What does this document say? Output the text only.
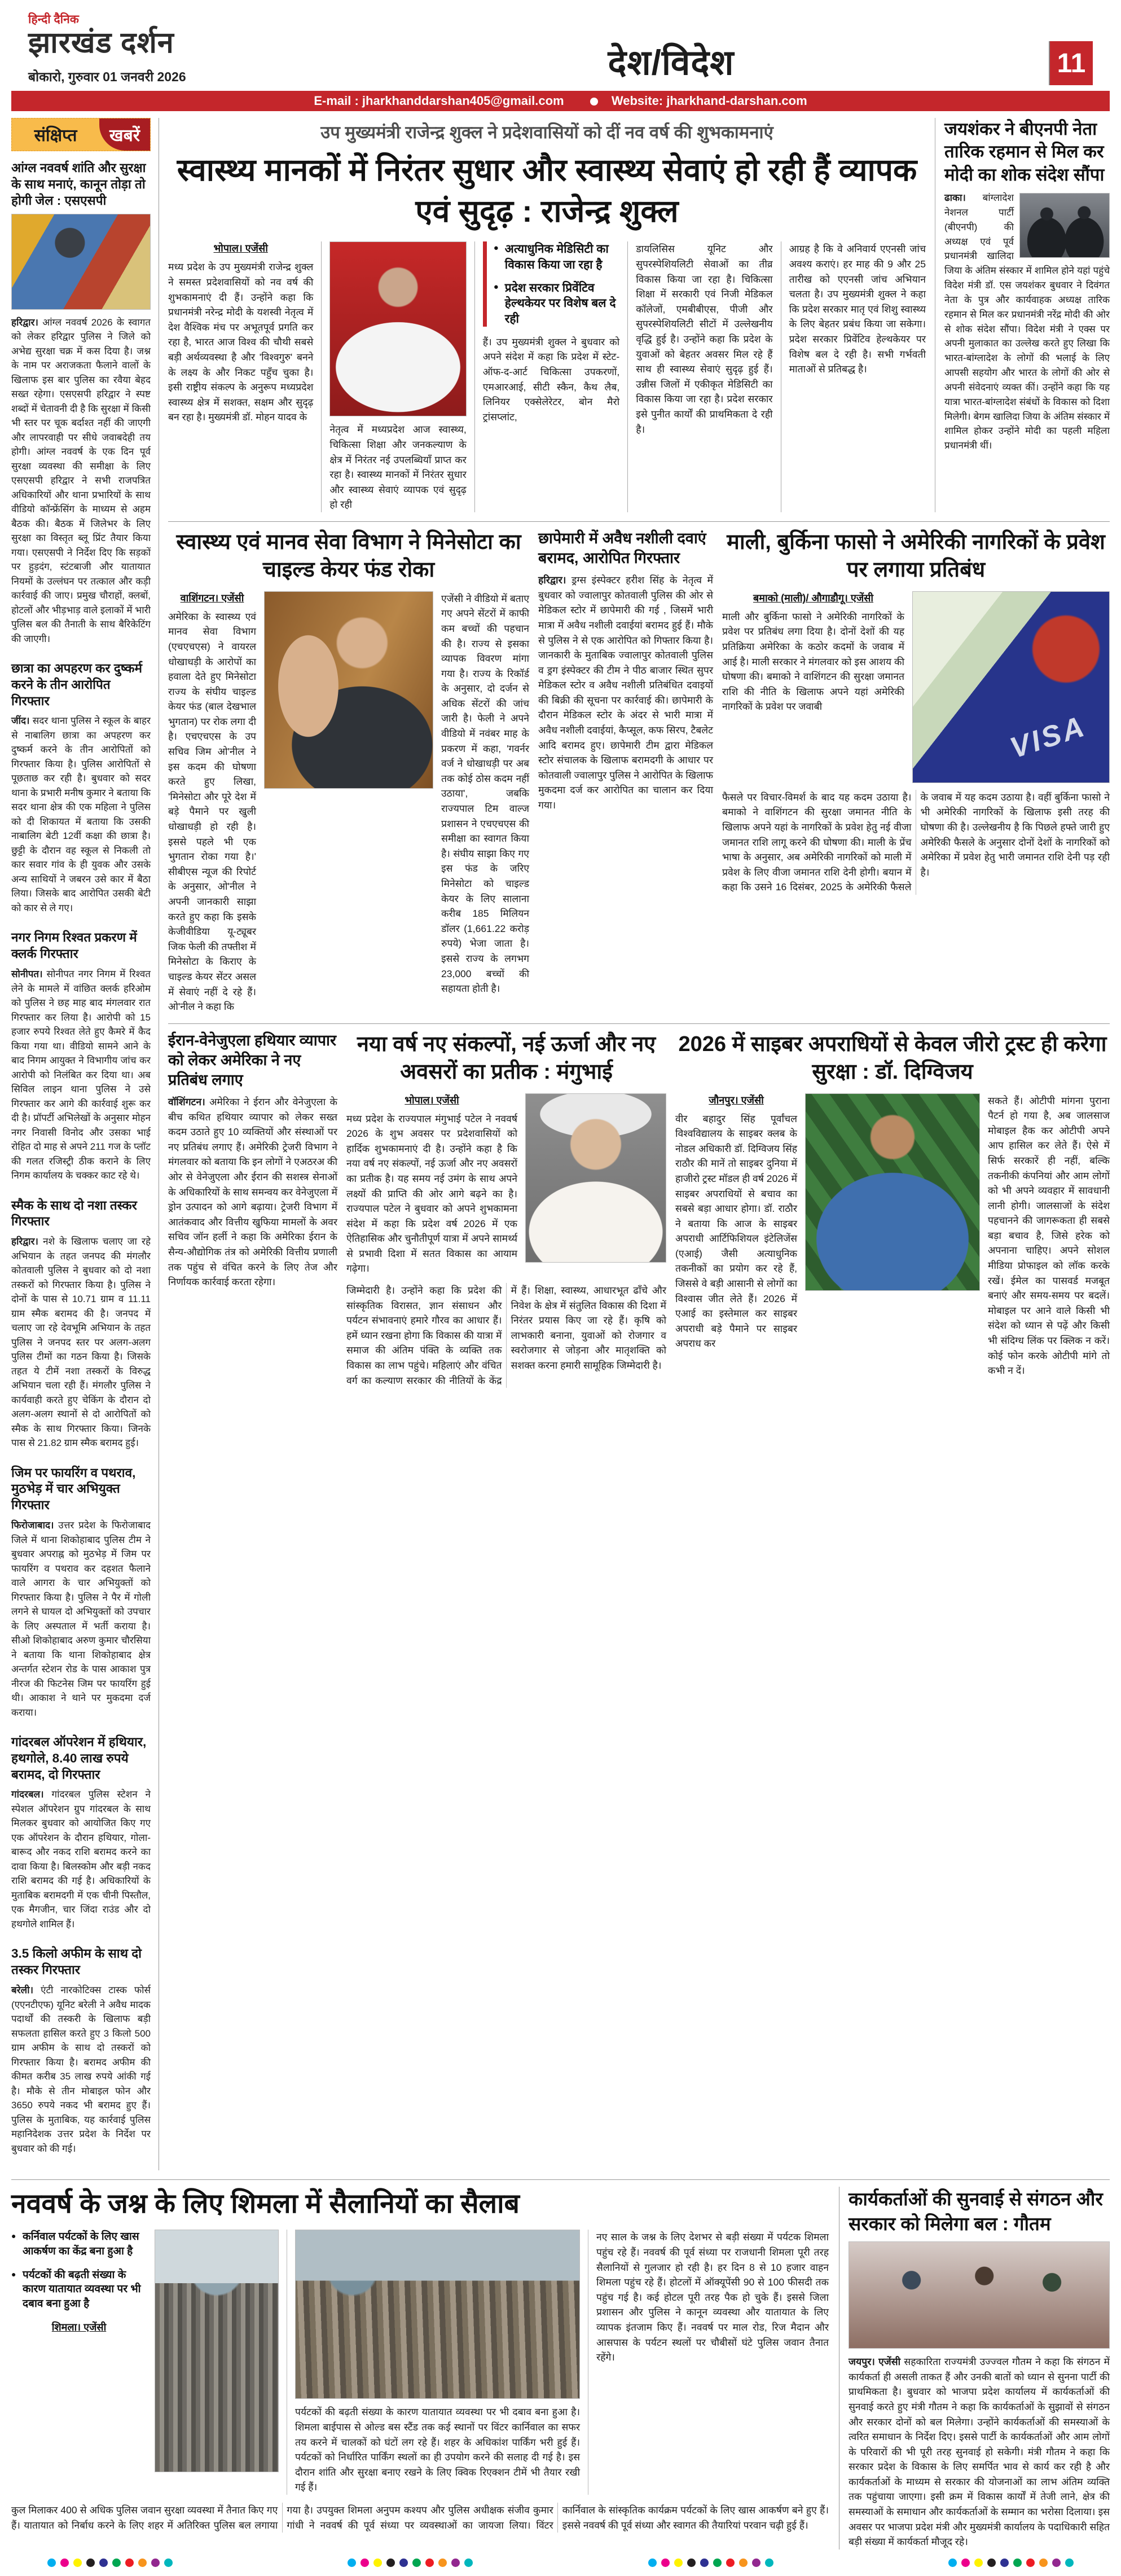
हिन्दी दैनिक
झारखंड दर्शन
बोकारो, गुरुवार 01 जनवरी 2026	देश/विदेश	11
E-mail : jharkhanddarshan405@gmail.com	Website: jharkhand-darshan.com
संक्षिप्त	खबरें
आंग्ल नववर्ष शांति और सुरक्षा के साथ मनाएं, कानून तोड़ा तो होगी जेल : एसएसपी

हरिद्वार। आंग्ल नववर्ष 2026 के स्वागत को लेकर हरिद्वार पुलिस ने जिले को अभेद्य सुरक्षा चक्र में कस दिया है। जश्न के नाम पर अराजकता फैलाने वालों के खिलाफ इस बार पुलिस का रवैया बेहद सख्त रहेगा। एसएसपी हरिद्वार ने स्पष्ट शब्दों में चेतावनी दी है कि सुरक्षा में किसी भी स्तर पर चूक बर्दाश्त नहीं की जाएगी और लापरवाही पर सीधे जवाबदेही तय होगी। आंग्ल नववर्ष के एक दिन पूर्व सुरक्षा व्यवस्था की समीक्षा के लिए एसएसपी हरिद्वार ने सभी राजपत्रित अधिकारियों और थाना प्रभारियों के साथ वीडियो कॉन्फ्रेंसिंग के माध्यम से अहम बैठक की। बैठक में जिलेभर के लिए सुरक्षा का विस्तृत ब्लू प्रिंट तैयार किया गया। एसएसपी ने निर्देश दिए कि सड़कों पर हुड़दंग, स्टंटबाजी और यातायात नियमों के उल्लंघन पर तत्काल और कड़ी कार्रवाई की जाए। प्रमुख चौराहों, क्लबों, होटलों और भीड़भाड़ वाले इलाकों में भारी पुलिस बल की तैनाती के साथ बैरिकेटिंग की जाएगी।

छात्रा का अपहरण कर दुष्कर्म करने के तीन आरोपित गिरफ्तार

जींद। सदर थाना पुलिस ने स्कूल के बाहर से नाबालिग छात्रा का अपहरण कर दुष्कर्म करने के तीन आरोपितों को गिरफ्तार किया है। पुलिस आरोपितों से पूछताछ कर रही है। बुधवार को सदर थाना के प्रभारी मनीष कुमार ने बताया कि सदर थाना क्षेत्र की एक महिला ने पुलिस को दी शिकायत में बताया कि उसकी नाबालिग बेटी 12वीं कक्षा की छात्रा है। छुट्टी के दौरान वह स्कूल से निकली तो कार सवार गांव के ही युवक और उसके अन्य साथियों ने जबरन उसे कार में बैठा लिया। जिसके बाद आरोपित उसकी बेटी को कार से ले गए।

नगर निगम रिश्वत प्रकरण में क्लर्क गिरफ्तार

सोनीपत। सोनीपत नगर निगम में रिश्वत लेने के मामले में वांछित क्लर्क हरिओम को पुलिस ने छह माह बाद मंगलवार रात गिरफ्तार कर लिया है। आरोपी को 15 हजार रुपये रिश्वत लेते हुए कैमरे में कैद किया गया था। वीडियो सामने आने के बाद निगम आयुक्त ने विभागीय जांच कर आरोपी को निलंबित कर दिया था। अब सिविल लाइन थाना पुलिस ने उसे गिरफ्तार कर आगे की कार्रवाई शुरू कर दी है। प्रॉपर्टी अभिलेखों के अनुसार मोहन नगर निवासी विनोद और उसका भाई रोहित दो माह से अपने 211 गज के प्लॉट की गलत रजिस्ट्री ठीक कराने के लिए निगम कार्यालय के चक्कर काट रहे थे।

स्मैक के साथ दो नशा तस्कर गिरफ्तार

हरिद्वार। नशे के खिलाफ चलाए जा रहे अभियान के तहत जनपद की मंगलौर कोतवाली पुलिस ने बुधवार को दो नशा तस्करों को गिरफ्तार किया है। पुलिस ने दोनों के पास से 10.71 ग्राम व 11.11 ग्राम स्मैक बरामद की है। जनपद में चलाए जा रहे देवभूमि अभियान के तहत पुलिस ने जनपद स्तर पर अलग-अलग पुलिस टीमों का गठन किया है। जिसके तहत ये टीमें नशा तस्करों के विरुद्ध अभियान चला रही हैं। मंगलौर पुलिस ने कार्यवाही करते हुए चेकिंग के दौरान दो अलग-अलग स्थानों से दो आरोपितों को स्मैक के साथ गिरफ्तार किया। जिनके पास से 21.82 ग्राम स्मैक बरामद हुई।

जिम पर फायरिंग व पथराव, मुठभेड़ में चार अभियुक्त गिरफ्तार

फिरोजाबाद। उत्तर प्रदेश के फिरोजाबाद जिले में थाना शिकोहाबाद पुलिस टीम ने बुधवार अपराह्न को मुठभेड़ में जिम पर फायरिंग व पथराव कर दहशत फैलाने वाले आगरा के चार अभियुक्तों को गिरफ्तार किया है। पुलिस ने पैर में गोली लगने से घायल दो अभियुक्तों को उपचार के लिए अस्पताल में भर्ती कराया है। सीओ शिकोहाबाद अरुण कुमार चौरसिया ने बताया कि थाना शिकोहाबाद क्षेत्र अन्तर्गत स्टेशन रोड के पास आकाश पुत्र नीरज की फिटनेस जिम पर फायरिंग हुई थी। आकाश ने थाने पर मुकदमा दर्ज कराया।

गांदरबल ऑपरेशन में हथियार, हथगोले, 8.40 लाख रुपये बरामद, दो गिरफ्तार

गांदरबल। गांदरबल पुलिस स्टेशन ने स्पेशल ऑपरेशन ग्रुप गांदरबल के साथ मिलकर बुधवार को आयोजित किए गए एक ऑपरेशन के दौरान हथियार, गोला-बारूद और नकद राशि बरामद करने का दावा किया है। बिलस्कोम और बड़ी नकद राशि बरामद की गई है। अधिकारियों के मुताबिक बरामदगी में एक चीनी पिस्तौल, एक मैगजीन, चार जिंदा राउंड और दो हथगोले शामिल हैं।

3.5 किलो अफीम के साथ दो तस्कर गिरफ्तार

बरेली। एंटी नारकोटिक्स टास्क फोर्स (एएनटीएफ) यूनिट बरेली ने अवैध मादक पदार्थों की तस्करी के खिलाफ बड़ी सफलता हासिल करते हुए 3 किलो 500 ग्राम अफीम के साथ दो तस्करों को गिरफ्तार किया है। बरामद अफीम की कीमत करीब 35 लाख रुपये आंकी गई है। मौके से तीन मोबाइल फोन और 3650 रुपये नकद भी बरामद हुए हैं। पुलिस के मुताबिक, यह कार्रवाई पुलिस महानिदेशक उत्तर प्रदेश के निर्देश पर बुधवार को की गई।

उप मुख्यमंत्री राजेन्द्र शुक्ल ने प्रदेशवासियों को दीं नव वर्ष की शुभकामनाएं
स्वास्थ्य मानकों में निरंतर सुधार और स्वास्थ्य सेवाएं हो रही हैं व्यापक एवं सुदृढ़ : राजेन्द्र शुक्ल
भोपाल। एजेंसी

मध्य प्रदेश के उप मुख्यमंत्री राजेन्द्र शुक्ल ने समस्त प्रदेशवासियों को नव वर्ष की शुभकामनाएं दी हैं। उन्होंने कहा कि प्रधानमंत्री नरेन्द्र मोदी के यशस्वी नेतृत्व में देश वैश्विक मंच पर अभूतपूर्व प्रगति कर रहा है, भारत आज विश्व की चौथी सबसे बड़ी अर्थव्यवस्था है और 'विश्वगुरु' बनने के लक्ष्य के और निकट पहुँच चुका है। इसी राष्ट्रीय संकल्प के अनुरूप मध्यप्रदेश स्वास्थ्य क्षेत्र में सशक्त, सक्षम और सुदृढ़ बन रहा है। मुख्यमंत्री डॉ. मोहन यादव के

नेतृत्व में मध्यप्रदेश आज स्वास्थ्य, चिकित्सा शिक्षा और जनकल्याण के क्षेत्र में निरंतर नई उपलब्धियाँ प्राप्त कर रहा है। स्वास्थ्य मानकों में निरंतर सुधार और स्वास्थ्य सेवाएं व्यापक एवं सुदृढ़ हो रही

● अत्याधुनिक मेडिसिटी का विकास किया जा रहा है
● प्रदेश सरकार प्रिवेंटिव हेल्थकेयर पर विशेष बल दे रही

हैं। उप मुख्यमंत्री शुक्ल ने बुधवार को अपने संदेश में कहा कि प्रदेश में स्टेट-ऑफ-द-आर्ट चिकित्सा उपकरणों, एमआरआई, सीटी स्कैन, कैथ लैब, लिनियर एक्सेलेरेटर, बोन मैरो ट्रांसप्लांट,

डायलिसिस यूनिट और सुपरस्पेशियलिटी सेवाओं का तीव्र विकास किया जा रहा है। चिकित्सा शिक्षा में सरकारी एवं निजी मेडिकल कॉलेजों, एमबीबीएस, पीजी और सुपरस्पेशियलिटी सीटों में उल्लेखनीय वृद्धि हुई है। उन्होंने कहा कि प्रदेश के युवाओं को बेहतर अवसर मिल रहे हैं साथ ही स्वास्थ्य सेवाएं सुदृढ़ हुई हैं। उन्नीस जिलों में एकीकृत मेडिसिटी का विकास किया जा रहा है। प्रदेश सरकार इसे पुनीत कार्यों की प्राथमिकता दे रही है।

आग्रह है कि वे अनिवार्य एएनसी जांच अवश्य कराएं। हर माह की 9 और 25 तारीख को एएनसी जांच अभियान चलता है। उप मुख्यमंत्री शुक्ल ने कहा कि प्रदेश सरकार मातृ एवं शिशु स्वास्थ्य के लिए बेहतर प्रबंध किया जा सकेगा। प्रदेश सरकार प्रिवेंटिव हेल्थकेयर पर विशेष बल दे रही है। सभी गर्भवती माताओं से प्रतिबद्ध है।

जयशंकर ने बीएनपी नेता तारिक रहमान से मिल कर मोदी का शोक संदेश सौंपा

ढाका। बांग्लादेश नेशनल पार्टी (बीएनपी) की अध्यक्ष एवं पूर्व प्रधानमंत्री खालिदा जिया के अंतिम संस्कार में शामिल होने यहां पहुंचे विदेश मंत्री डॉ. एस जयशंकर बुधवार ने दिवंगत नेता के पुत्र और कार्यवाहक अध्यक्ष तारिक रहमान से मिल कर प्रधानमंत्री नरेंद्र मोदी की ओर से शोक संदेश सौंपा। विदेश मंत्री ने एक्स पर अपनी मुलाकात का उल्लेख करते हुए लिखा कि भारत-बांग्लादेश के लोगों की भलाई के लिए आपसी सहयोग और भारत के लोगों की ओर से अपनी संवेदनाएं व्यक्त कीं। उन्होंने कहा कि यह यात्रा भारत-बांग्लादेश संबंधों के विकास को दिशा मिलेगी। बेगम खालिदा जिया के अंतिम संस्कार में शामिल होकर उन्होंने मोदी का पहली महिला प्रधानमंत्री थीं।

स्वास्थ्य एवं मानव सेवा विभाग ने मिनेसोटा का चाइल्ड केयर फंड रोका
वाशिंगटन। एजेंसी

अमेरिका के स्वास्थ्य एवं मानव सेवा विभाग (एचएचएस) ने वायरल धोखाधड़ी के आरोपों का हवाला देते हुए मिनेसोटा राज्य के संघीय चाइल्ड केयर फंड (बाल देखभाल भुगतान) पर रोक लगा दी है। एचएचएस के उप सचिव जिम ओ'नील ने इस कदम की घोषणा करते हुए लिखा, 'मिनेसोटा और पूरे देश में बड़े पैमाने पर खुली धोखाधड़ी हो रही है। इससे पहले भी एक भुगतान रोका गया है।' सीबीएस न्यूज की रिपोर्ट के अनुसार, ओ'नील ने अपनी जानकारी साझा करते हुए कहा कि इसके केजीवीडिया यू-ट्यूबर जिक फेली की तफ्तीश में मिनेसोटा के किराए के चाइल्ड केयर सेंटर असल में सेवाएं नहीं दे रहे हैं। ओ'नील ने कहा कि

एजेंसी ने वीडियो में बताए गए अपने सेंटरों में काफी कम बच्चों की पहचान की है। राज्य से इसका व्यापक विवरण मांगा गया है। राज्य के रिकॉर्ड के अनुसार, दो दर्जन से अधिक सेंटरों की जांच जारी है। फेली ने अपने वीडियो में नवंबर माह के प्रकरण में कहा, 'गवर्नर वर्ज ने धोखाधड़ी पर अब तक कोई ठोस कदम नहीं उठाया', जबकि राज्यपाल टिम वाल्ज प्रशासन ने एचएचएस की समीक्षा का स्वागत किया है। संघीय साझा किए गए इस फंड के जरिए मिनेसोटा को चाइल्ड केयर के लिए सालाना करीब 185 मिलियन डॉलर (1,661.22 करोड़ रुपये) भेजा जाता है। इससे राज्य के लगभग 23,000 बच्चों की सहायता होती है।

छापेमारी में अवैध नशीली दवाएं बरामद, आरोपित गिरफ्तार

हरिद्वार। ड्रग्स इंस्पेक्टर हरीश सिंह के नेतृत्व में बुधवार को ज्वालापुर कोतवाली पुलिस की ओर से मेडिकल स्टोर में छापेमारी की गई , जिसमें भारी मात्रा में अवैध नशीली दवाईयां बरामद हुई हैं। मौके से पुलिस ने से एक आरोपित को गिफ्तार किया है। जानकारी के मुताबिक ज्वालापुर कोतवाली पुलिस व ड्रग इंस्पेक्टर की टीम ने पीठ बाजार स्थित सुपर मेडिकल स्टोर व अवैध नशीली प्रतिबंधित दवाइयों की बिक्री की सूचना पर कार्रवाई की। छापेमारी के दौरान मेडिकल स्टोर के अंदर से भारी मात्रा में अवैध नशीली दवाईयां, कैप्सूल, कफ सिरप, टैबलेट आदि बरामद हुए। छापेमारी टीम द्वारा मेडिकल स्टोर संचालक के खिलाफ बरामदगी के आधार पर कोतवाली ज्वालापुर पुलिस ने आरोपित के खिलाफ मुकदमा दर्ज कर आरोपित का चालान कर दिया गया।

माली, बुर्किना फासो ने अमेरिकी नागरिकों के प्रवेश पर लगाया प्रतिबंध
बमाको (माली)/ औगाडौगू। एजेंसी

माली और बुर्किना फासो ने अमेरिकी नागरिकों के प्रवेश पर प्रतिबंध लगा दिया है। दोनों देशों की यह प्रतिक्रिया अमेरिका के कठोर कदमों के जवाब में आई है। माली सरकार ने मंगलवार को इस आशय की घोषणा की। बमाको ने वाशिंगटन की सुरक्षा जमानत राशि की नीति के खिलाफ अपने यहां अमेरिकी नागरिकों के प्रवेश पर जवाबी

VISA

फैसले पर विचार-विमर्श के बाद यह कदम उठाया है। बमाको ने वाशिंगटन की सुरक्षा जमानत नीति के खिलाफ अपने यहां के नागरिकों के प्रवेश हेतु नई वीजा जमानत राशि लागू करने की घोषणा की। माली के प्रेंच भाषा के अनुसार, अब अमेरिकी नागरिकों को माली में प्रवेश के लिए वीजा जमानत राशि देनी होगी। बयान में कहा कि उसने 16 दिसंबर, 2025 के अमेरिकी फैसले के जवाब में यह कदम उठाया है। वहीं बुर्किना फासो ने भी अमेरिकी नागरिकों के खिलाफ इसी तरह की घोषणा की है। उल्लेखनीय है कि पिछले हफ्ते जारी हुए अमेरिकी फैसले के अनुसार दोनों देशों के नागरिकों को अमेरिका में प्रवेश हेतु भारी जमानत राशि देनी पड़ रही है।

ईरान-वेनेजुएला हथियार व्यापार को लेकर अमेरिका ने नए प्रतिबंध लगाए

वॉशिंगटन। अमेरिका ने ईरान और वेनेजुएला के बीच कथित हथियार व्यापार को लेकर सख्त कदम उठाते हुए 10 व्यक्तियों और संस्थाओं पर नए प्रतिबंध लगाए हैं। अमेरिकी ट्रेजरी विभाग ने मंगलवार को बताया कि इन लोगों ने एअठरअ की ओर से वेनेजुएला और ईरान की सशस्त्र सेनाओं के अधिकारियों के साथ समन्वय कर वेनेजुएला में ड्रोन उत्पादन को आगे बढ़ाया। ट्रेजरी विभाग में आतंकवाद और वित्तीय खुफिया मामलों के अवर सचिव जॉन हर्ली ने कहा कि अमेरिका ईरान के सैन्य-औद्योगिक तंत्र को अमेरिकी वित्तीय प्रणाली तक पहुंच से वंचित करने के लिए तेज और निर्णायक कार्रवाई करता रहेगा।

नया वर्ष नए संकल्पों, नई ऊर्जा और नए अवसरों का प्रतीक : मंगुभाई
भोपाल। एजेंसी

मध्य प्रदेश के राज्यपाल मंगुभाई पटेल ने नववर्ष 2026 के शुभ अवसर पर प्रदेशवासियों को हार्दिक शुभकामनाएं दी है। उन्होंने कहा है कि नया वर्ष नए संकल्पों, नई ऊर्जा और नए अवसरों का प्रतीक है। यह समय नई उमंग के साथ अपने लक्ष्यों की प्राप्ति की ओर आगे बढ़ने का है। राज्यपाल पटेल ने बुधवार को अपने शुभकामना संदेश में कहा कि प्रदेश वर्ष 2026 में एक ऐतिहासिक और चुनौतीपूर्ण यात्रा में अपने सामर्थ्य से प्रभावी दिशा में सतत विकास का आयाम गढ़ेगा।

जिम्मेदारी है। उन्होंने कहा कि प्रदेश की सांस्कृतिक विरासत, ज्ञान संसाधन और पर्यटन संभावनाएं हमारे गौरव का आधार हैं। हमें ध्यान रखना होगा कि विकास की यात्रा में समाज की अंतिम पंक्ति के व्यक्ति तक विकास का लाभ पहुंचे। महिलाएं और वंचित वर्ग का कल्याण सरकार की नीतियों के केंद्र में हैं। शिक्षा, स्वास्थ्य, आधारभूत ढाँचे और निवेश के क्षेत्र में संतुलित विकास की दिशा में निरंतर प्रयास किए जा रहे हैं। कृषि को लाभकारी बनाना, युवाओं को रोजगार व स्वरोजगार से जोड़ना और मातृशक्ति को सशक्त करना हमारी सामूहिक जिम्मेदारी है।

2026 में साइबर अपराधियों से केवल जीरो ट्रस्ट ही करेगा सुरक्षा : डॉ. दिग्विजय
जौनपुर। एजेंसी

वीर बहादुर सिंह पूर्वांचल विश्वविद्यालय के साइबर क्लब के नोडल अधिकारी डॉ. दिग्विजय सिंह राठौर की मानें तो साइबर दुनिया में हाजीरो ट्रस्ट मॉडल ही वर्ष 2026 में साइबर अपराधियों से बचाव का सबसे बड़ा आधार होगा। डॉ. राठौर ने बताया कि आज के साइबर अपराधी आर्टिफिशियल इंटेलिजेंस (एआई) जैसी अत्याधुनिक तकनीकों का प्रयोग कर रहे हैं, जिससे वे बड़ी आसानी से लोगों का विश्वास जीत लेते हैं। 2026 में एआई का इस्तेमाल कर साइबर अपराधी बड़े पैमाने पर साइबर अपराध कर

सकते हैं। ओटीपी मांगना पुराना पैटर्न हो गया है, अब जालसाज मोबाइल हैक कर ओटीपी अपने आप हासिल कर लेते हैं। ऐसे में सिर्फ सरकारें ही नहीं, बल्कि तकनीकी कंपनियां और आम लोगों को भी अपने व्यवहार में सावधानी लानी होगी। जालसाजों के संदेश पहचानने की जागरूकता ही सबसे बड़ा बचाव है, जिसे हरेक को अपनाना चाहिए। अपने सोशल मीडिया प्रोफाइल को लॉक करके रखें। ईमेल का पासवर्ड मजबूत बनाएं और समय-समय पर बदलें। मोबाइल पर आने वाले किसी भी संदेश को ध्यान से पढ़ें और किसी भी संदिग्ध लिंक पर क्लिक न करें। कोई फोन करके ओटीपी मांगे तो कभी न दें।

नववर्ष के जश्न के लिए शिमला में सैलानियों का सैलाब
● कर्निवाल पर्यटकों के लिए खास आकर्षण का केंद्र बना हुआ है
● पर्यटकों की बढ़ती संख्या के कारण यातायात व्यवस्था पर भी दबाव बना हुआ है
शिमला। एजेंसी

पर्यटकों की बढ़ती संख्या के कारण यातायात व्यवस्था पर भी दबाव बना हुआ है। शिमला बाईपास से ओल्ड बस स्टैंड तक कई स्थानों पर विंटर कार्निवाल का सफर तय करने में चालकों को घंटों लग रहे हैं। शहर के अधिकांश पार्किंग भरी हुई हैं। पर्यटकों को निर्धारित पार्किंग स्थलों का ही उपयोग करने की सलाह दी गई है। इस दौरान शांति और सुरक्षा बनाए रखने के लिए क्विक रिएक्शन टीमें भी तैयार रखी गई हैं।

नए साल के जश्न के लिए देशभर से बड़ी संख्या में पर्यटक शिमला पहुंच रहे हैं। नववर्ष की पूर्व संध्या पर राजधानी शिमला पूरी तरह सैलानियों से गुलजार हो रही है। हर दिन 8 से 10 हजार वाहन शिमला पहुंच रहे हैं। होटलों में ऑक्यूपेंसी 90 से 100 फीसदी तक पहुंच गई है। कई होटल पूरी तरह पैक हो चुके हैं। इससे जिला प्रशासन और पुलिस ने कानून व्यवस्था और यातायात के लिए व्यापक इंतजाम किए हैं। नववर्ष पर माल रोड, रिज मैदान और आसपास के पर्यटन स्थलों पर चौबीसों घंटे पुलिस जवान तैनात रहेंगे।

कुल मिलाकर 400 से अधिक पुलिस जवान सुरक्षा व्यवस्था में तैनात किए गए हैं। यातायात को निर्बाध करने के लिए शहर में अतिरिक्त पुलिस बल लगाया गया है। उपयुक्त शिमला अनुपम कश्यप और पुलिस अधीक्षक संजीव कुमार गांधी ने नववर्ष की पूर्व संध्या पर व्यवस्थाओं का जायजा लिया। विंटर कार्निवाल के सांस्कृतिक कार्यक्रम पर्यटकों के लिए खास आकर्षण बने हुए हैं। इससे नववर्ष की पूर्व संध्या और स्वागत की तैयारियां परवान चढ़ी हुई हैं।

कार्यकर्ताओं की सुनवाई से संगठन और सरकार को मिलेगा बल : गौतम

जयपुर। एजेंसी सहकारिता राज्यमंत्री उज्ज्वल गौतम ने कहा कि संगठन में कार्यकर्ता ही असली ताकत हैं और उनकी बातों को ध्यान से सुनना पार्टी की प्राथमिकता है। बुधवार को भाजपा प्रदेश कार्यालय में कार्यकर्ताओं की सुनवाई करते हुए मंत्री गौतम ने कहा कि कार्यकर्ताओं के सुझावों से संगठन और सरकार दोनों को बल मिलेगा। उन्होंने कार्यकर्ताओं की समस्याओं के त्वरित समाधान के निर्देश दिए। इससे पार्टी के कार्यकर्ताओं और आम लोगों के परिवारों की भी पूरी तरह सुनवाई हो सकेगी। मंत्री गौतम ने कहा कि सरकार प्रदेश के विकास के लिए समर्पित भाव से कार्य कर रही है और कार्यकर्ताओं के माध्यम से सरकार की योजनाओं का लाभ अंतिम व्यक्ति तक पहुंचाया जाएगा। इसी क्रम में विकास कार्यों में तेजी लाने, क्षेत्र की समस्याओं के समाधान और कार्यकर्ताओं के सम्मान का भरोसा दिलाया। इस अवसर पर भाजपा प्रदेश मंत्री और मुख्यमंत्री कार्यालय के पदाधिकारी सहित बड़ी संख्या में कार्यकर्ता मौजूद रहे।
